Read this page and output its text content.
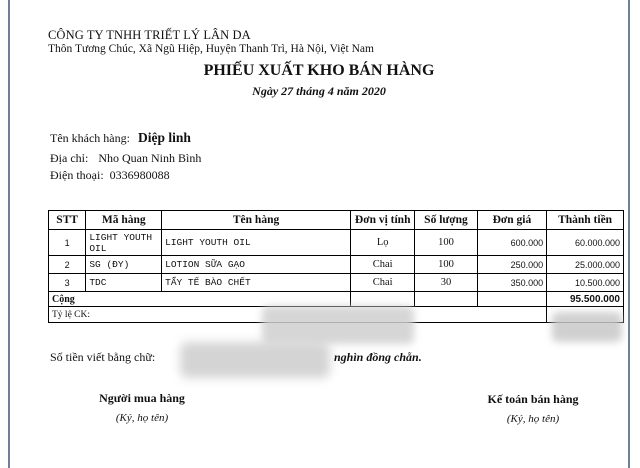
CÔNG TY TNHH TRIẾT LÝ LÂN DA
Thôn Tương Chúc, Xã Ngũ Hiệp, Huyện Thanh Trì, Hà Nội, Việt Nam
PHIẾU XUẤT KHO BÁN HÀNG
Ngày 27 tháng 4 năm 2020
Tên khách hàng: Diệp linh
Địa chỉ: Nho Quan Ninh Bình
Điện thoại: 0336980088
STT	Mã hàng	Tên hàng	Đơn vị tính	Số lượng	Đơn giá	Thành tiền
1	LIGHT YOUTH OIL	LIGHT YOUTH OIL	Lọ	100	600.000	60.000.000
2	SG (ĐY)	LOTION SỮA GẠO	Chai	100	250.000	25.000.000
3	TDC	TẨY TẾ BÀO CHẾT	Chai	30	350.000	10.500.000
Cộng						95.500.000
Tỷ lệ CK:						
Số tiền viết bằng chữ:	nghìn đồng chẵn.
Người mua hàng
(Ký, họ tên)
Kế toán bán hàng
(Ký, họ tên)
